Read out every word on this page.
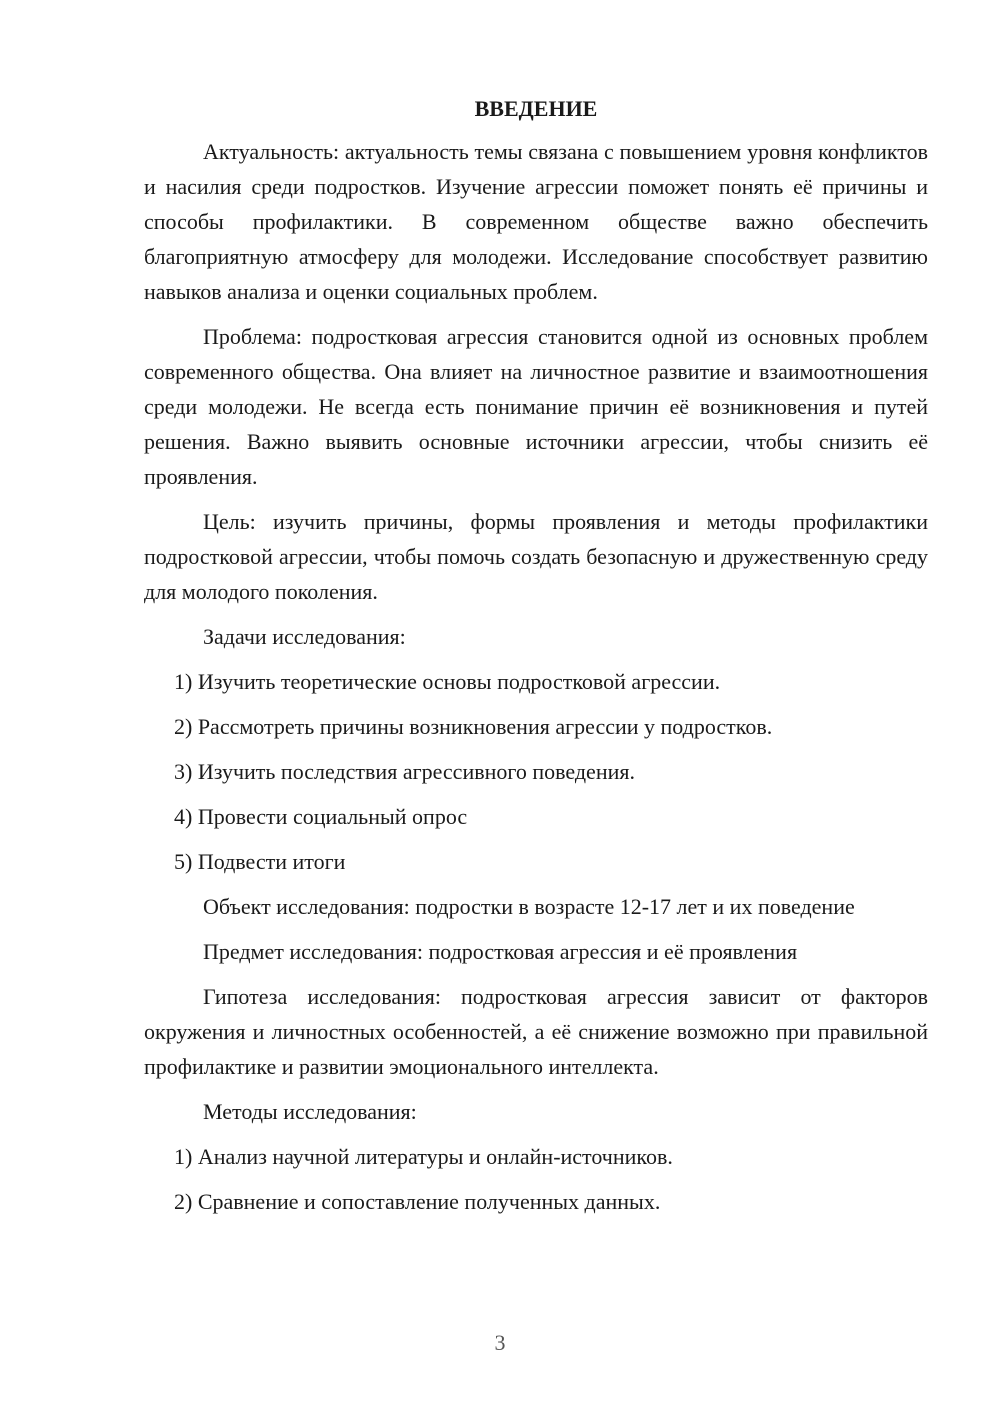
ВВЕДЕНИЕ

Актуальность: актуальность темы связана с повышением уровня конфликтов и насилия среди подростков. Изучение агрессии поможет понять её причины и способы профилактики. В современном обществе важно обеспечить благоприятную атмосферу для молодежи. Исследование способствует развитию навыков анализа и оценки социальных проблем.

Проблема: подростковая агрессия становится одной из основных проблем современного общества. Она влияет на личностное развитие и взаимоотношения среди молодежи. Не всегда есть понимание причин её возникновения и путей решения. Важно выявить основные источники агрессии, чтобы снизить её проявления.

Цель: изучить причины, формы проявления и методы профилактики подростковой агрессии, чтобы помочь создать безопасную и дружественную среду для молодого поколения.

Задачи исследования:

1) Изучить теоретические основы подростковой агрессии.
2) Рассмотреть причины возникновения агрессии у подростков.
3) Изучить последствия агрессивного поведения.
4) Провести социальный опрос
5) Подвести итоги

Объект исследования: подростки в возрасте 12-17 лет и их поведение

Предмет исследования: подростковая агрессия и её проявления

Гипотеза исследования: подростковая агрессия зависит от факторов окружения и личностных особенностей, а её снижение возможно при правильной профилактике и развитии эмоционального интеллекта.

Методы исследования:

1) Анализ научной литературы и онлайн-источников.
2) Сравнение и сопоставление полученных данных.
3
